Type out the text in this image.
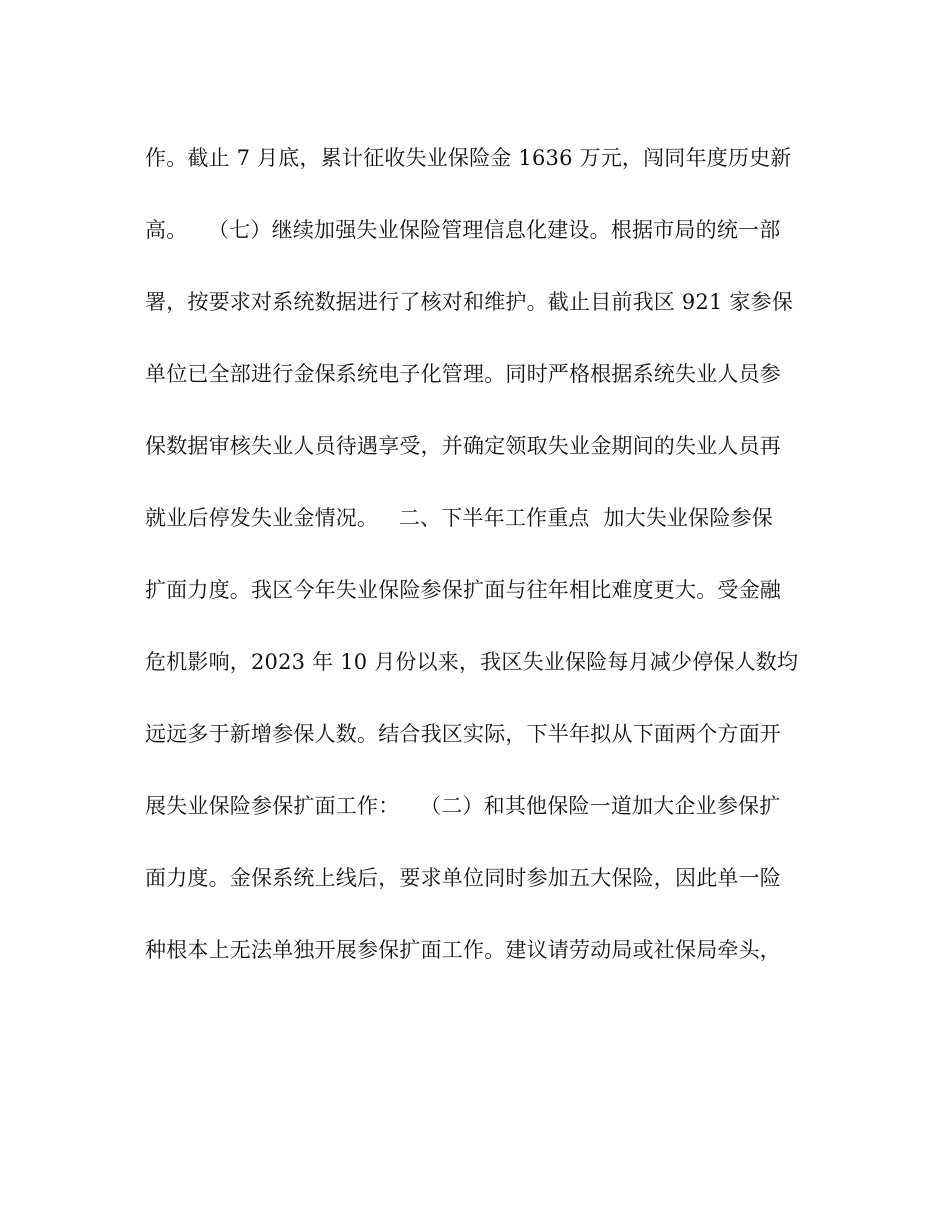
作。截止 7 月底，累计征收失业保险金 1636 万元，闯同年度历史新
高。   （七）继续加强失业保险管理信息化建设。根据市局的统一部
署，按要求对系统数据进行了核对和维护。截止目前我区 921 家参保
单位已全部进行金保系统电子化管理。同时严格根据系统失业人员参
保数据审核失业人员待遇享受，并确定领取失业金期间的失业人员再
就业后停发失业金情况。   二、下半年工作重点  加大失业保险参保
扩面力度。我区今年失业保险参保扩面与往年相比难度更大。受金融
危机影响，2023 年 10 月份以来，我区失业保险每月减少停保人数均
远远多于新增参保人数。结合我区实际，下半年拟从下面两个方面开
展失业保险参保扩面工作：   （二）和其他保险一道加大企业参保扩
面力度。金保系统上线后，要求单位同时参加五大保险，因此单一险
种根本上无法单独开展参保扩面工作。建议请劳动局或社保局牵头，
